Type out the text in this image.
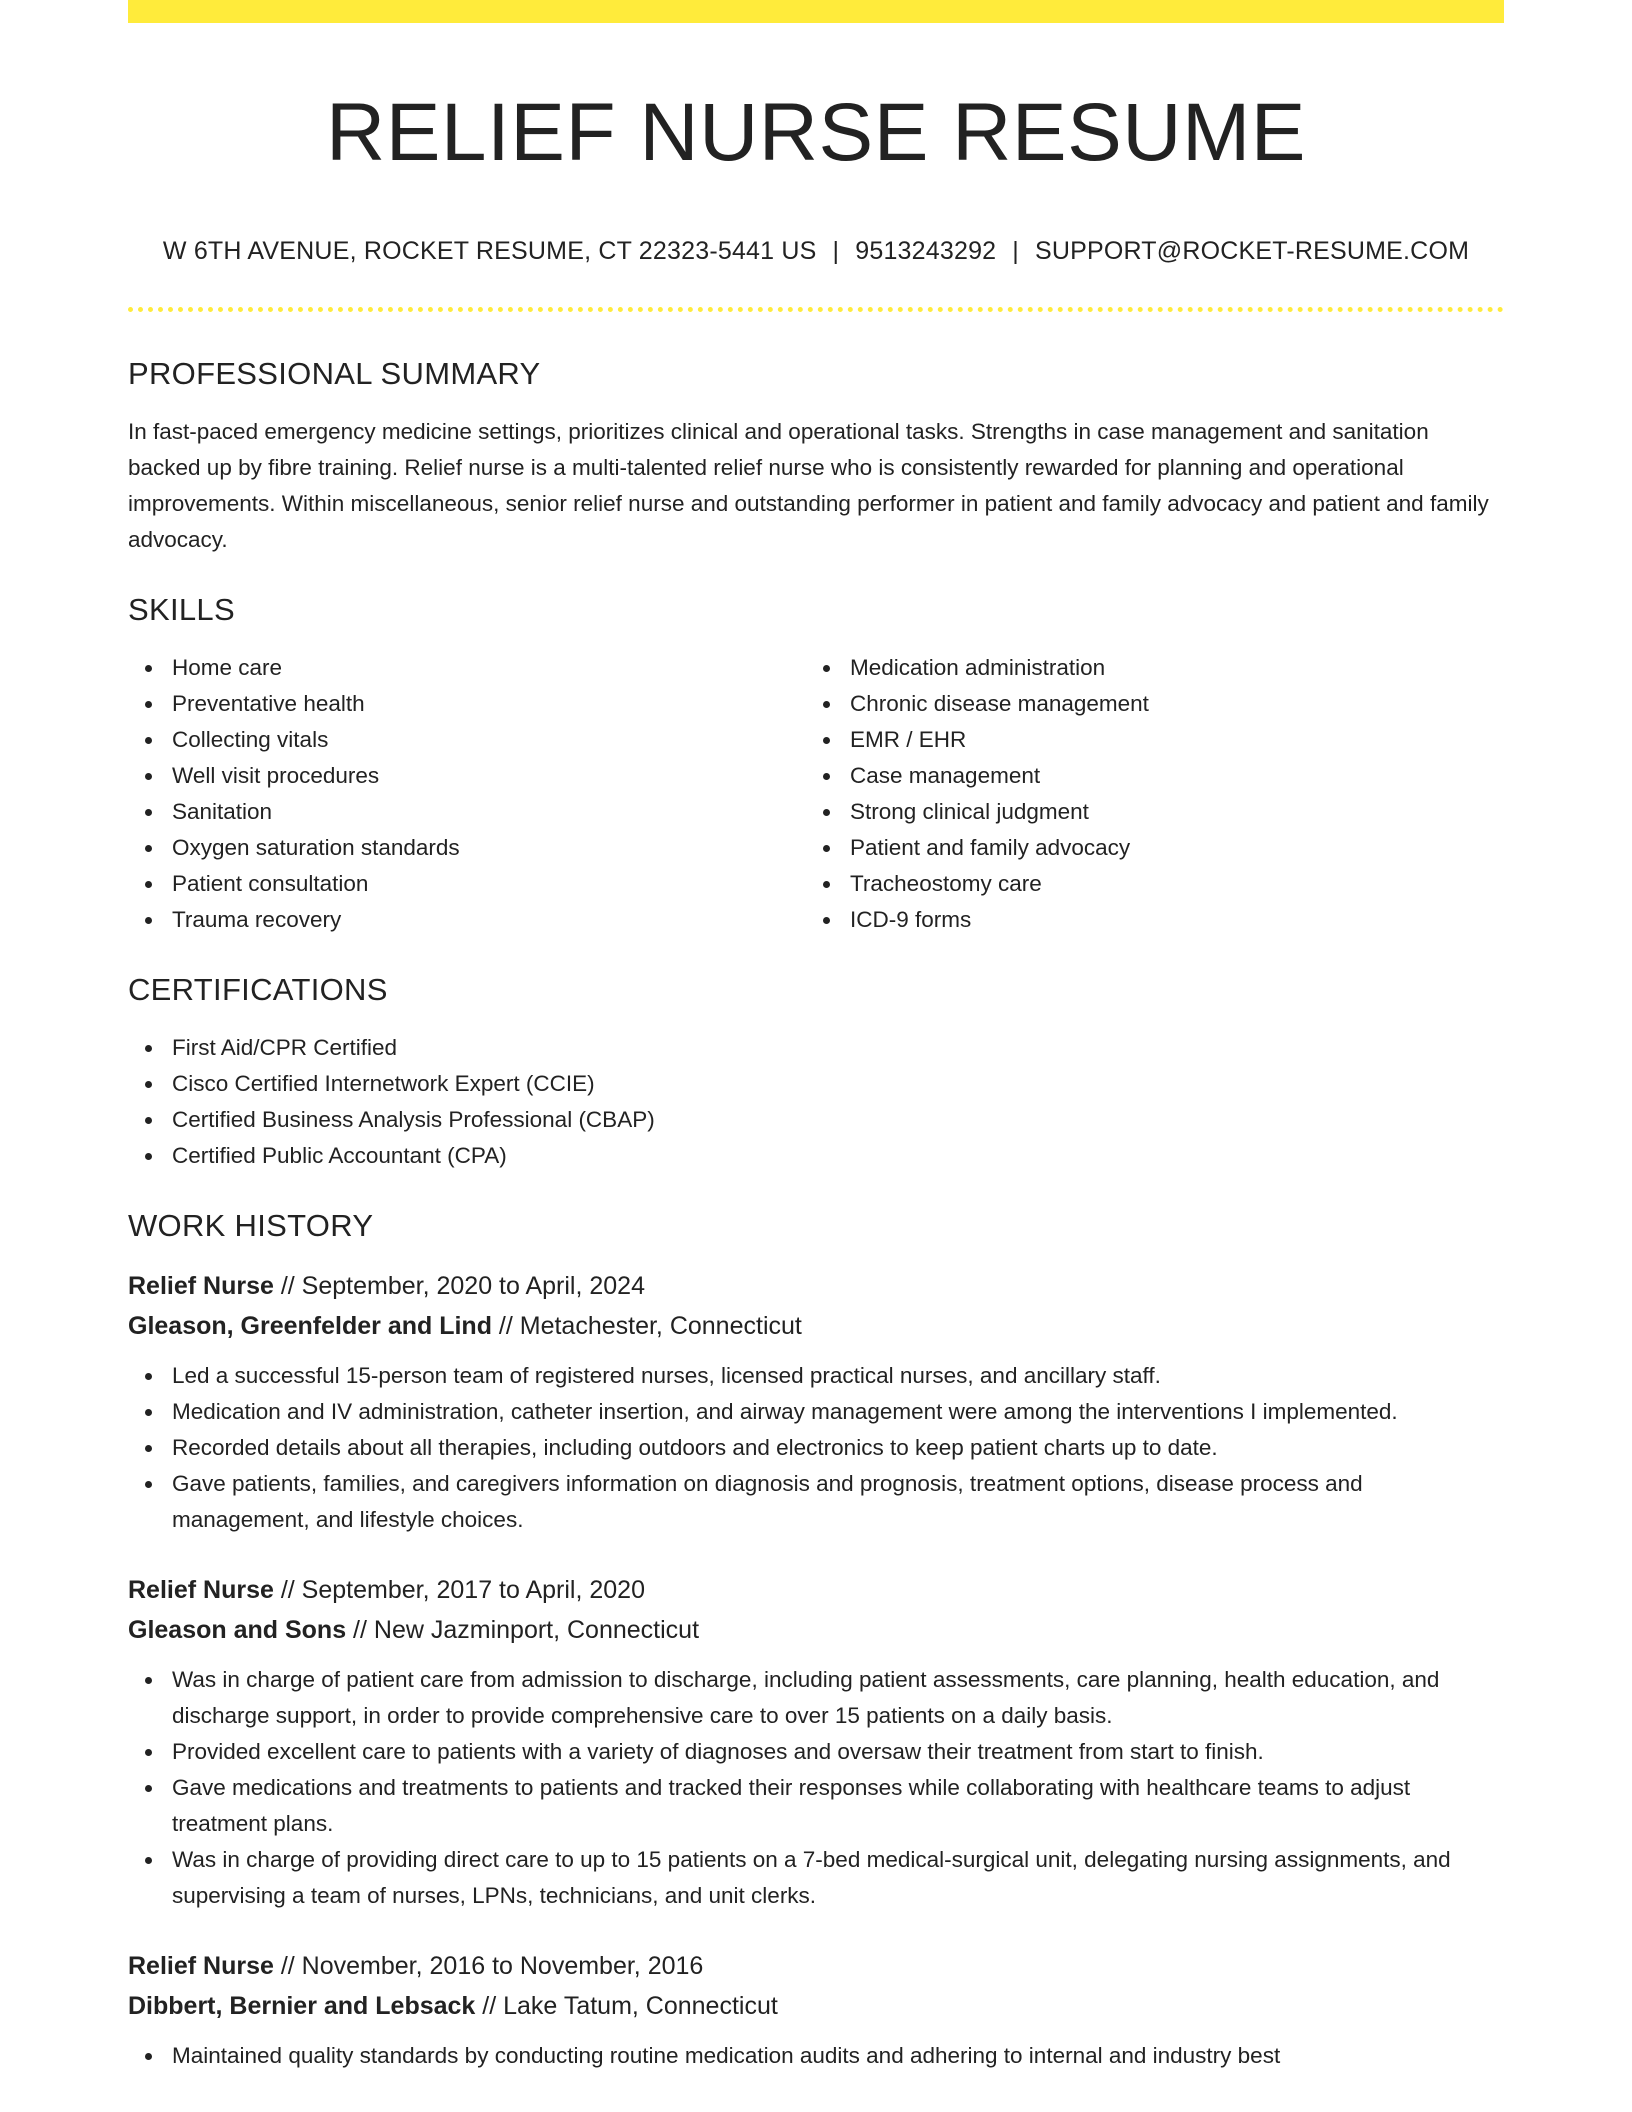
RELIEF NURSE RESUME
W 6TH AVENUE, ROCKET RESUME, CT 22323-5441 US | 9513243292 | SUPPORT@ROCKET-RESUME.COM
PROFESSIONAL SUMMARY

In fast-paced emergency medicine settings, prioritizes clinical and operational tasks. Strengths in case management and sanitation backed up by fibre training. Relief nurse is a multi-talented relief nurse who is consistently rewarded for planning and operational improvements. Within miscellaneous, senior relief nurse and outstanding performer in patient and family advocacy and patient and family advocacy.

SKILLS
Home care
Preventative health
Collecting vitals
Well visit procedures
Sanitation
Oxygen saturation standards
Patient consultation
Trauma recovery
Medication administration
Chronic disease management
EMR / EHR
Case management
Strong clinical judgment
Patient and family advocacy
Tracheostomy care
ICD-9 forms
CERTIFICATIONS
First Aid/CPR Certified
Cisco Certified Internetwork Expert (CCIE)
Certified Business Analysis Professional (CBAP)
Certified Public Accountant (CPA)
WORK HISTORY
Relief Nurse // September, 2020 to April, 2024
Gleason, Greenfelder and Lind // Metachester, Connecticut
Led a successful 15-person team of registered nurses, licensed practical nurses, and ancillary staff.
Medication and IV administration, catheter insertion, and airway management were among the interventions I implemented.
Recorded details about all therapies, including outdoors and electronics to keep patient charts up to date.
Gave patients, families, and caregivers information on diagnosis and prognosis, treatment options, disease process and management, and lifestyle choices.
Relief Nurse // September, 2017 to April, 2020
Gleason and Sons // New Jazminport, Connecticut
Was in charge of patient care from admission to discharge, including patient assessments, care planning, health education, and discharge support, in order to provide comprehensive care to over 15 patients on a daily basis.
Provided excellent care to patients with a variety of diagnoses and oversaw their treatment from start to finish.
Gave medications and treatments to patients and tracked their responses while collaborating with healthcare teams to adjust treatment plans.
Was in charge of providing direct care to up to 15 patients on a 7-bed medical-surgical unit, delegating nursing assignments, and supervising a team of nurses, LPNs, technicians, and unit clerks.
Relief Nurse // November, 2016 to November, 2016
Dibbert, Bernier and Lebsack // Lake Tatum, Connecticut
Maintained quality standards by conducting routine medication audits and adhering to internal and industry best
